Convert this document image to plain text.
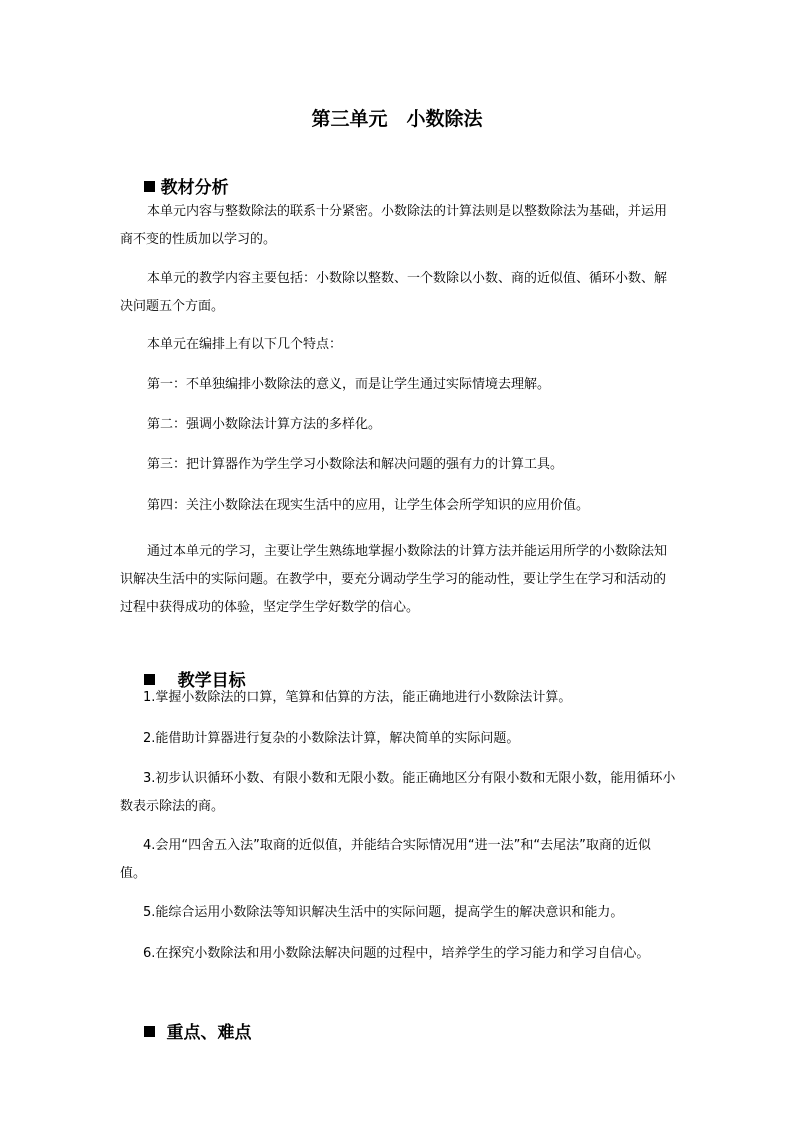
第三单元　小数除法

教材分析

本单元内容与整数除法的联系十分紧密。小数除法的计算法则是以整数除法为基础，并运用商不变的性质加以学习的。
本单元的教学内容主要包括：小数除以整数、一个数除以小数、商的近似值、循环小数、解决问题五个方面。
本单元在编排上有以下几个特点：
第一：不单独编排小数除法的意义，而是让学生通过实际情境去理解。
第二：强调小数除法计算方法的多样化。
第三：把计算器作为学生学习小数除法和解决问题的强有力的计算工具。
第四：关注小数除法在现实生活中的应用，让学生体会所学知识的应用价值。
通过本单元的学习，主要让学生熟练地掌握小数除法的计算方法并能运用所学的小数除法知识解决生活中的实际问题。在教学中，要充分调动学生学习的能动性，要让学生在学习和活动的过程中获得成功的体验，坚定学生学好数学的信心。

　 教学目标

1.掌握小数除法的口算，笔算和估算的方法，能正确地进行小数除法计算。
2.能借助计算器进行复杂的小数除法计算，解决简单的实际问题。
3.初步认识循环小数、有限小数和无限小数。能正确地区分有限小数和无限小数，能用循环小数表示除法的商。
4.会用“四舍五入法”取商的近似值，并能结合实际情况用“进一法”和“去尾法”取商的近似值。
5.能综合运用小数除法等知识解决生活中的实际问题，提高学生的解决意识和能力。
6.在探究小数除法和用小数除法解决问题的过程中，培养学生的学习能力和学习自信心。

重点、难点
